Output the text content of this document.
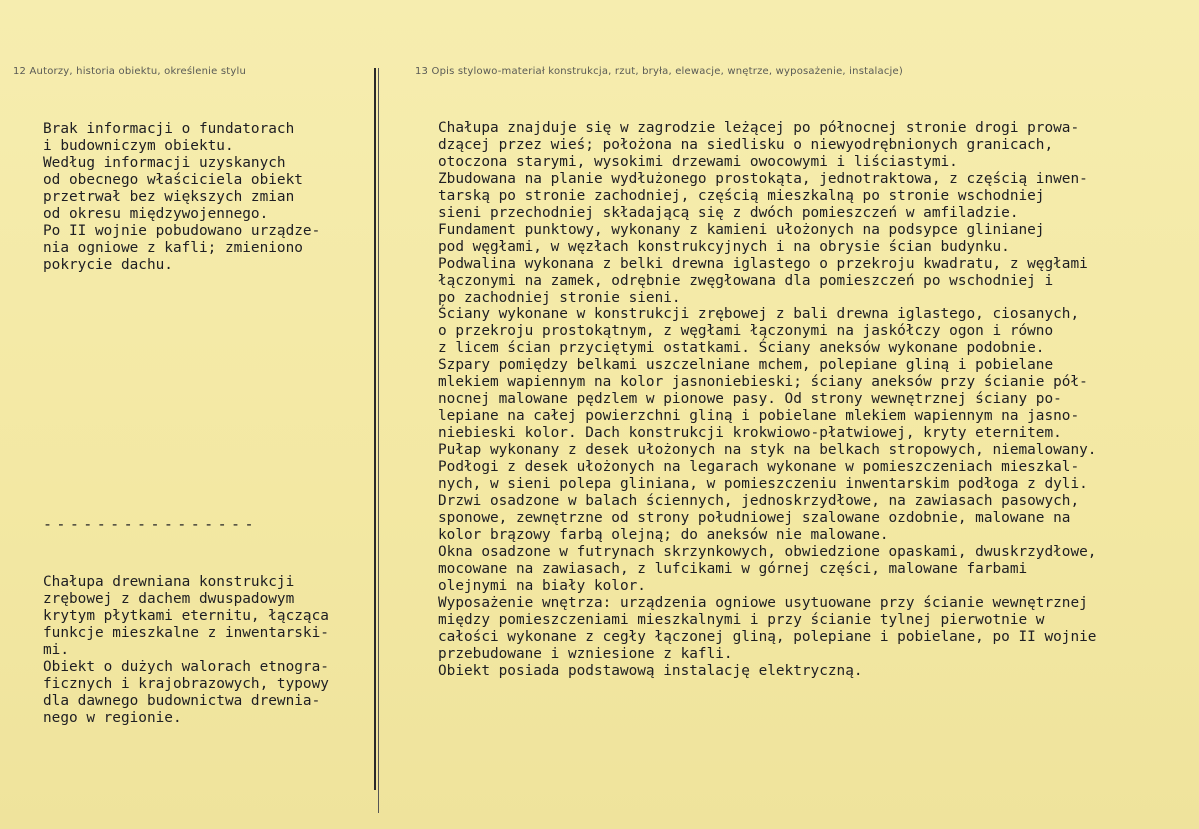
12 Autorzy, historia obiektu, określenie stylu	13 Opis stylowo-materiał konstrukcja, rzut, bryła, elewacje, wnętrze, wyposażenie, instalacje)
Brak informacji o fundatorach
i budowniczym obiektu.
Według informacji uzyskanych
od obecnego właściciela obiekt
przetrwał bez większych zmian
od okresu międzywojennego.
Po II wojnie pobudowano urządze-
nia ogniowe z kafli; zmieniono
pokrycie dachu.
----------------
Chałupa drewniana konstrukcji
zrębowej z dachem dwuspadowym
krytym płytkami eternitu, łącząca
funkcje mieszkalne z inwentarski-
mi.
Obiekt o dużych walorach etnogra-
ficznych i krajobrazowych, typowy
dla dawnego budownictwa drewnia-
nego w regionie.
Chałupa znajduje się w zagrodzie leżącej po północnej stronie drogi prowa-
dzącej przez wieś; położona na siedlisku o niewyodrębnionych granicach,
otoczona starymi, wysokimi drzewami owocowymi i liściastymi.
Zbudowana na planie wydłużonego prostokąta, jednotraktowa, z częścią inwen-
tarską po stronie zachodniej, częścią mieszkalną po stronie wschodniej
sieni przechodniej składającą się z dwóch pomieszczeń w amfiladzie.
Fundament punktowy, wykonany z kamieni ułożonych na podsypce glinianej
pod węgłami, w węzłach konstrukcyjnych i na obrysie ścian budynku.
Podwalina wykonana z belki drewna iglastego o przekroju kwadratu, z węgłami
łączonymi na zamek, odrębnie zwęgłowana dla pomieszczeń po wschodniej i
po zachodniej stronie sieni.
Ściany wykonane w konstrukcji zrębowej z bali drewna iglastego, ciosanych,
o przekroju prostokątnym, z węgłami łączonymi na jaskółczy ogon i równo
z licem ścian przyciętymi ostatkami. Ściany aneksów wykonane podobnie.
Szpary pomiędzy belkami uszczelniane mchem, polepiane gliną i pobielane
mlekiem wapiennym na kolor jasnoniebieski; ściany aneksów przy ścianie pół-
nocnej malowane pędzlem w pionowe pasy. Od strony wewnętrznej ściany po-
lepiane na całej powierzchni gliną i pobielane mlekiem wapiennym na jasno-
niebieski kolor. Dach konstrukcji krokwiowo-płatwiowej, kryty eternitem.
Pułap wykonany z desek ułożonych na styk na belkach stropowych, niemalowany.
Podłogi z desek ułożonych na legarach wykonane w pomieszczeniach mieszkal-
nych, w sieni polepa gliniana, w pomieszczeniu inwentarskim podłoga z dyli.
Drzwi osadzone w balach ściennych, jednoskrzydłowe, na zawiasach pasowych,
sponowe, zewnętrzne od strony południowej szalowane ozdobnie, malowane na
kolor brązowy farbą olejną; do aneksów nie malowane.
Okna osadzone w futrynach skrzynkowych, obwiedzione opaskami, dwuskrzydłowe,
mocowane na zawiasach, z lufcikami w górnej części, malowane farbami
olejnymi na biały kolor.
Wyposażenie wnętrza: urządzenia ogniowe usytuowane przy ścianie wewnętrznej
między pomieszczeniami mieszkalnymi i przy ścianie tylnej pierwotnie w
całości wykonane z cegły łączonej gliną, polepiane i pobielane, po II wojnie
przebudowane i wzniesione z kafli.
Obiekt posiada podstawową instalację elektryczną.
